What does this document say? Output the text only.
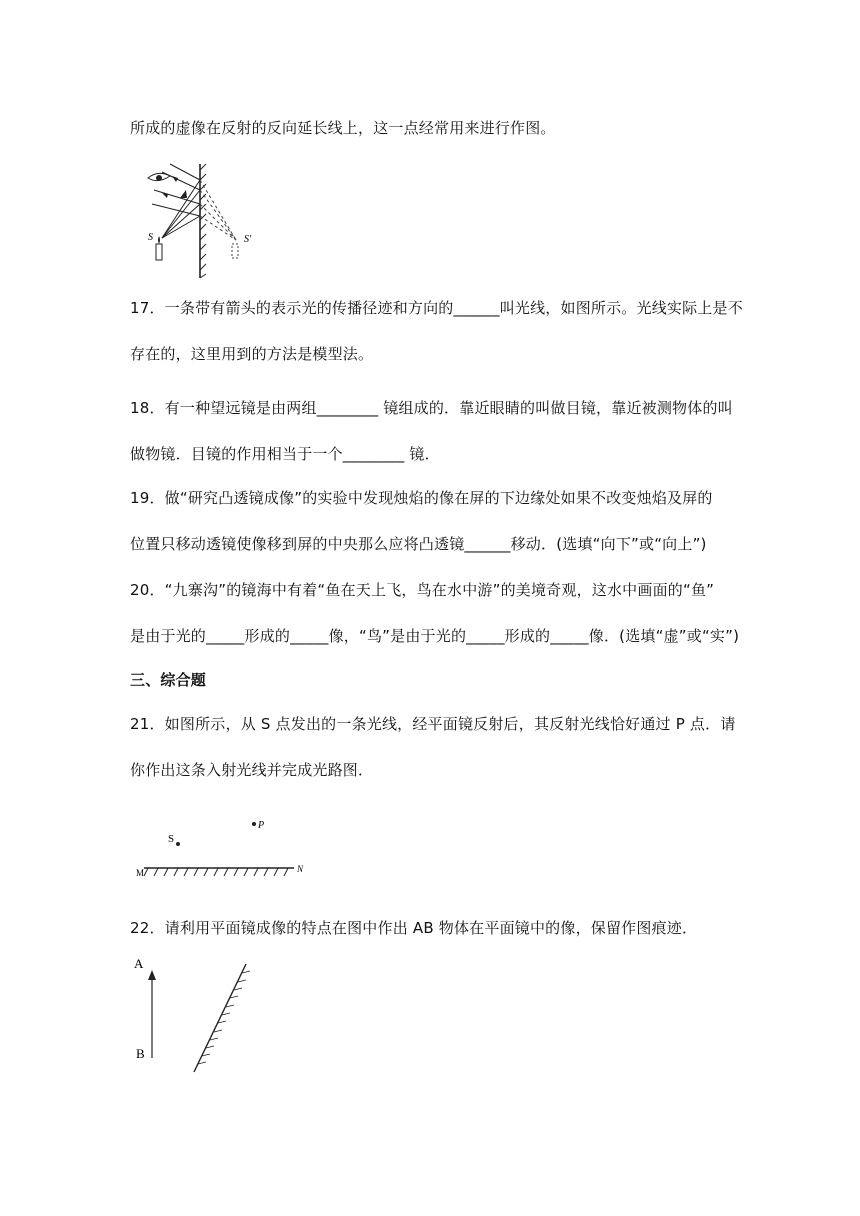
所成的虚像在反射的反向延长线上，这一点经常用来进行作图。
S	S′
17．一条带有箭头的表示光的传播径迹和方向的______叫光线，如图所示。光线实际上是不
存在的，这里用到的方法是模型法。
18．有一种望远镜是由两组________ 镜组成的．靠近眼睛的叫做目镜，靠近被测物体的叫
做物镜．目镜的作用相当于一个________ 镜．
19．做“研究凸透镜成像”的实验中发现烛焰的像在屏的下边缘处如果不改变烛焰及屏的
位置只移动透镜使像移到屏的中央那么应将凸透镜______移动．(选填“向下”或“向上”)
20．“九寨沟”的镜海中有着“鱼在天上飞，鸟在水中游”的美境奇观，这水中画面的“鱼”
是由于光的_____形成的_____像，“鸟”是由于光的_____形成的_____像．(选填“虚”或“实”)
三、综合题
21．如图所示，从 S 点发出的一条光线，经平面镜反射后，其反射光线恰好通过 P 点．请
你作出这条入射光线并完成光路图．
S
P
M	N
22．请利用平面镜成像的特点在图中作出 AB 物体在平面镜中的像，保留作图痕迹．
A
B
